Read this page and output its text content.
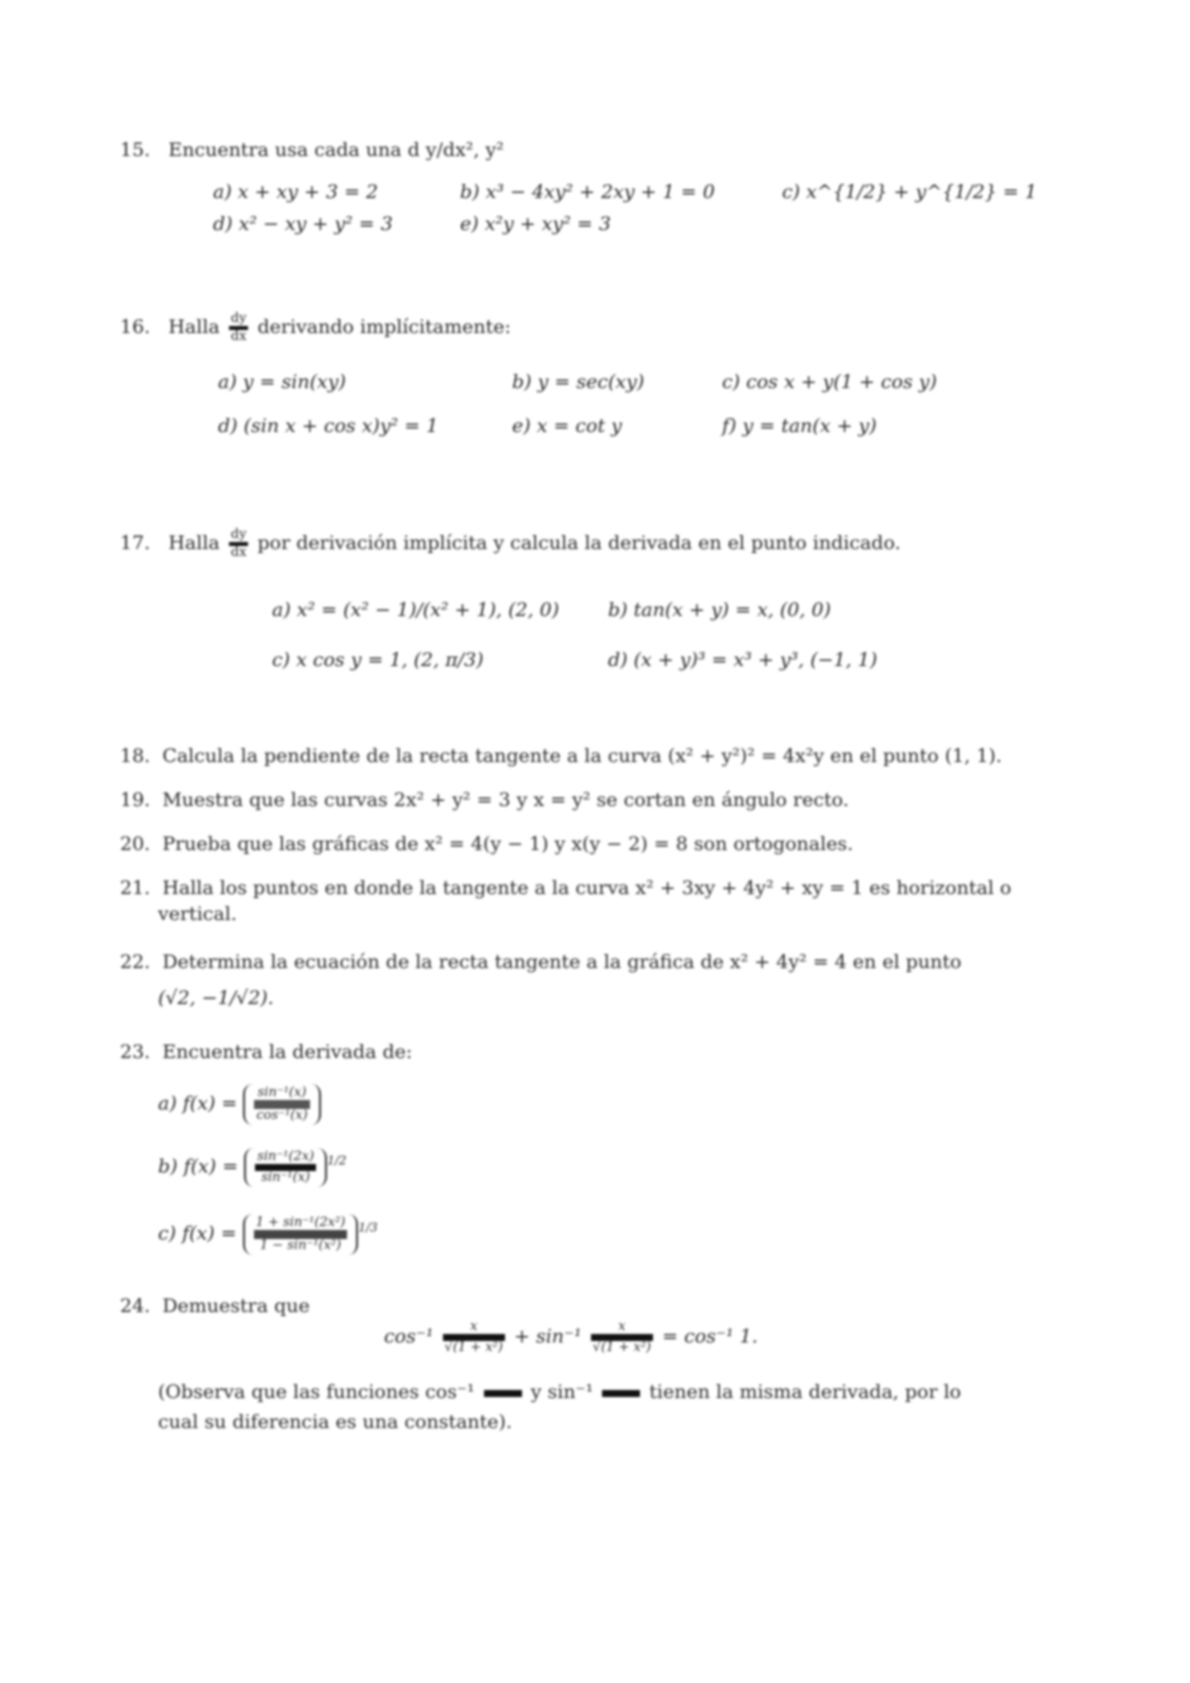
15. Encuentra usa cada una d y/dx², y²
a) x + xy + 3 = 2	b) x³ − 4xy² + 2xy + 1 = 0	c) x^{1/2} + y^{1/2} = 1
d) x² − xy + y² = 3	e) x²y + xy² = 3
16. Halla $\frac{dy}{dx}$ derivando implícitamente:
a) y = sin(xy)	b) y = sec(xy)	c) cos x + y(1 + cos y)
d) (sin x + cos x)y² = 1	e) x = cot y	f) y = tan(x + y)
17. Halla $\frac{dy}{dx}$ por derivación implícita y calcula la derivada en el punto indicado.
a) x² = (x² − 1)/(x² + 1), (2, 0)	b) tan(x + y) = x, (0, 0)
c) x cos y = 1, (2, π/3)	d) (x + y)³ = x³ + y³, (−1, 1)
18. Calcula la pendiente de la recta tangente a la curva (x² + y²)² = 4x²y en el punto (1, 1).
19. Muestra que las curvas 2x² + y² = 3 y x = y² se cortan en ángulo recto.
20. Prueba que las gráficas de x² = 4(y − 1) y x(y − 2) = 8 son ortogonales.
21. Halla los puntos en donde la tangente a la curva x² + 3xy + 4y² + xy = 1 es horizontal o
vertical.
22. Determina la ecuación de la recta tangente a la gráfica de x² + 4y² = 4 en el punto
(√2, −1/√2).
23. Encuentra la derivada de:
a) f(x) = sin⁻¹(x)
cos⁻¹(x)
b) f(x) = sin⁻¹(2x)
sin⁻¹(x)
$^{1/2}$
c) f(x) = 1 + sin⁻¹(2x²)
1 − sin⁻¹(x²)
$^{1/3}$
24. Demuestra que
cos⁻¹	x
√(1 + x²) + sin⁻¹	x
√(1 + x²) = cos⁻¹ 1.
(Observa que las funciones cos⁻¹	y sin⁻¹	tienen la misma derivada, por lo
cual su diferencia es una constante).
